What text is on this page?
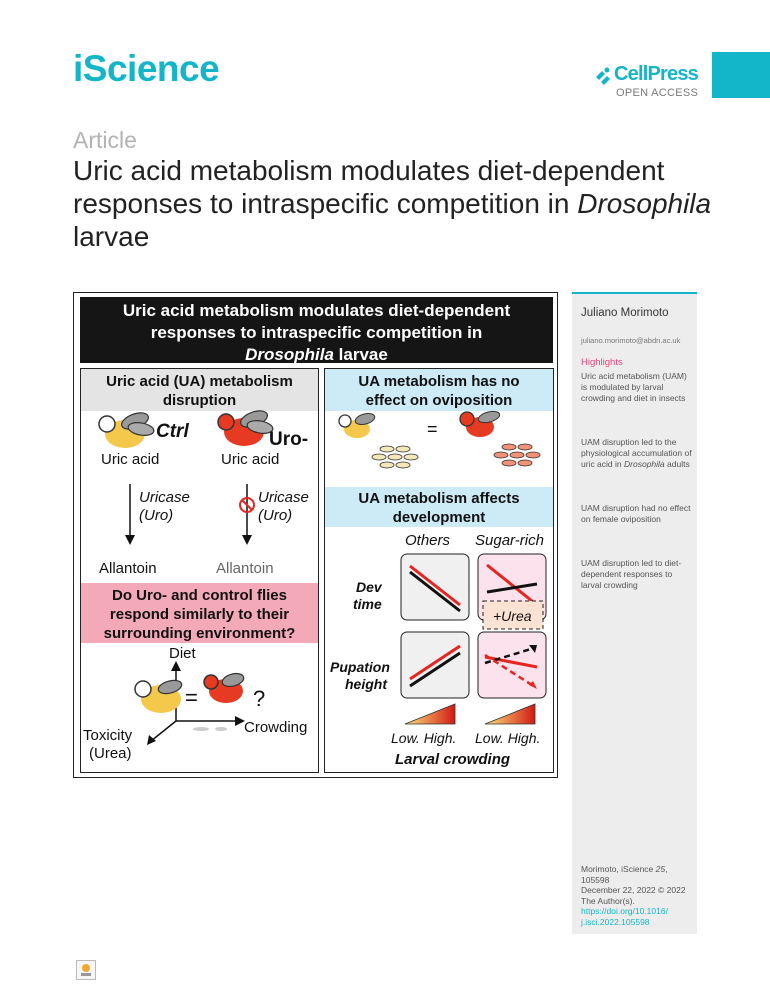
iScience	CellPress
OPEN ACCESS
Article
Uric acid metabolism modulates diet-dependent responses to intraspecific competition in Drosophila larvae
Uric acid metabolism modulates diet-dependent
responses to intraspecific competition in
Drosophila larvae
Uric acid (UA) metabolism
disruption
Ctrl	Uro-
Uric acid	Uric acid
Uricase
(Uro)
Uricase
(Uro)
Allantoin	Allantoin
Do Uro- and control flies
respond similarly to their
surrounding environment?
Diet
=	?
Crowding
Toxicity
(Urea)
UA metabolism has no
effect on oviposition
=
UA metabolism affects
development
Others Sugar-rich
Dev
time
Pupation
height
+Urea
Low. High. Low. High.
Larval crowding
Juliano Morimoto
juliano.morimoto@abdn.ac.uk
Highlights
Uric acid metabolism (UAM) is modulated by larval crowding and diet in insects
UAM disruption led to the physiological accumulation of uric acid in Drosophila adults
UAM disruption had no effect on female oviposition
UAM disruption led to diet-dependent responses to larval crowding
Morimoto, iScience 25, 105598
December 22, 2022 © 2022
The Author(s).
https://doi.org/10.1016/
j.isci.2022.105598
